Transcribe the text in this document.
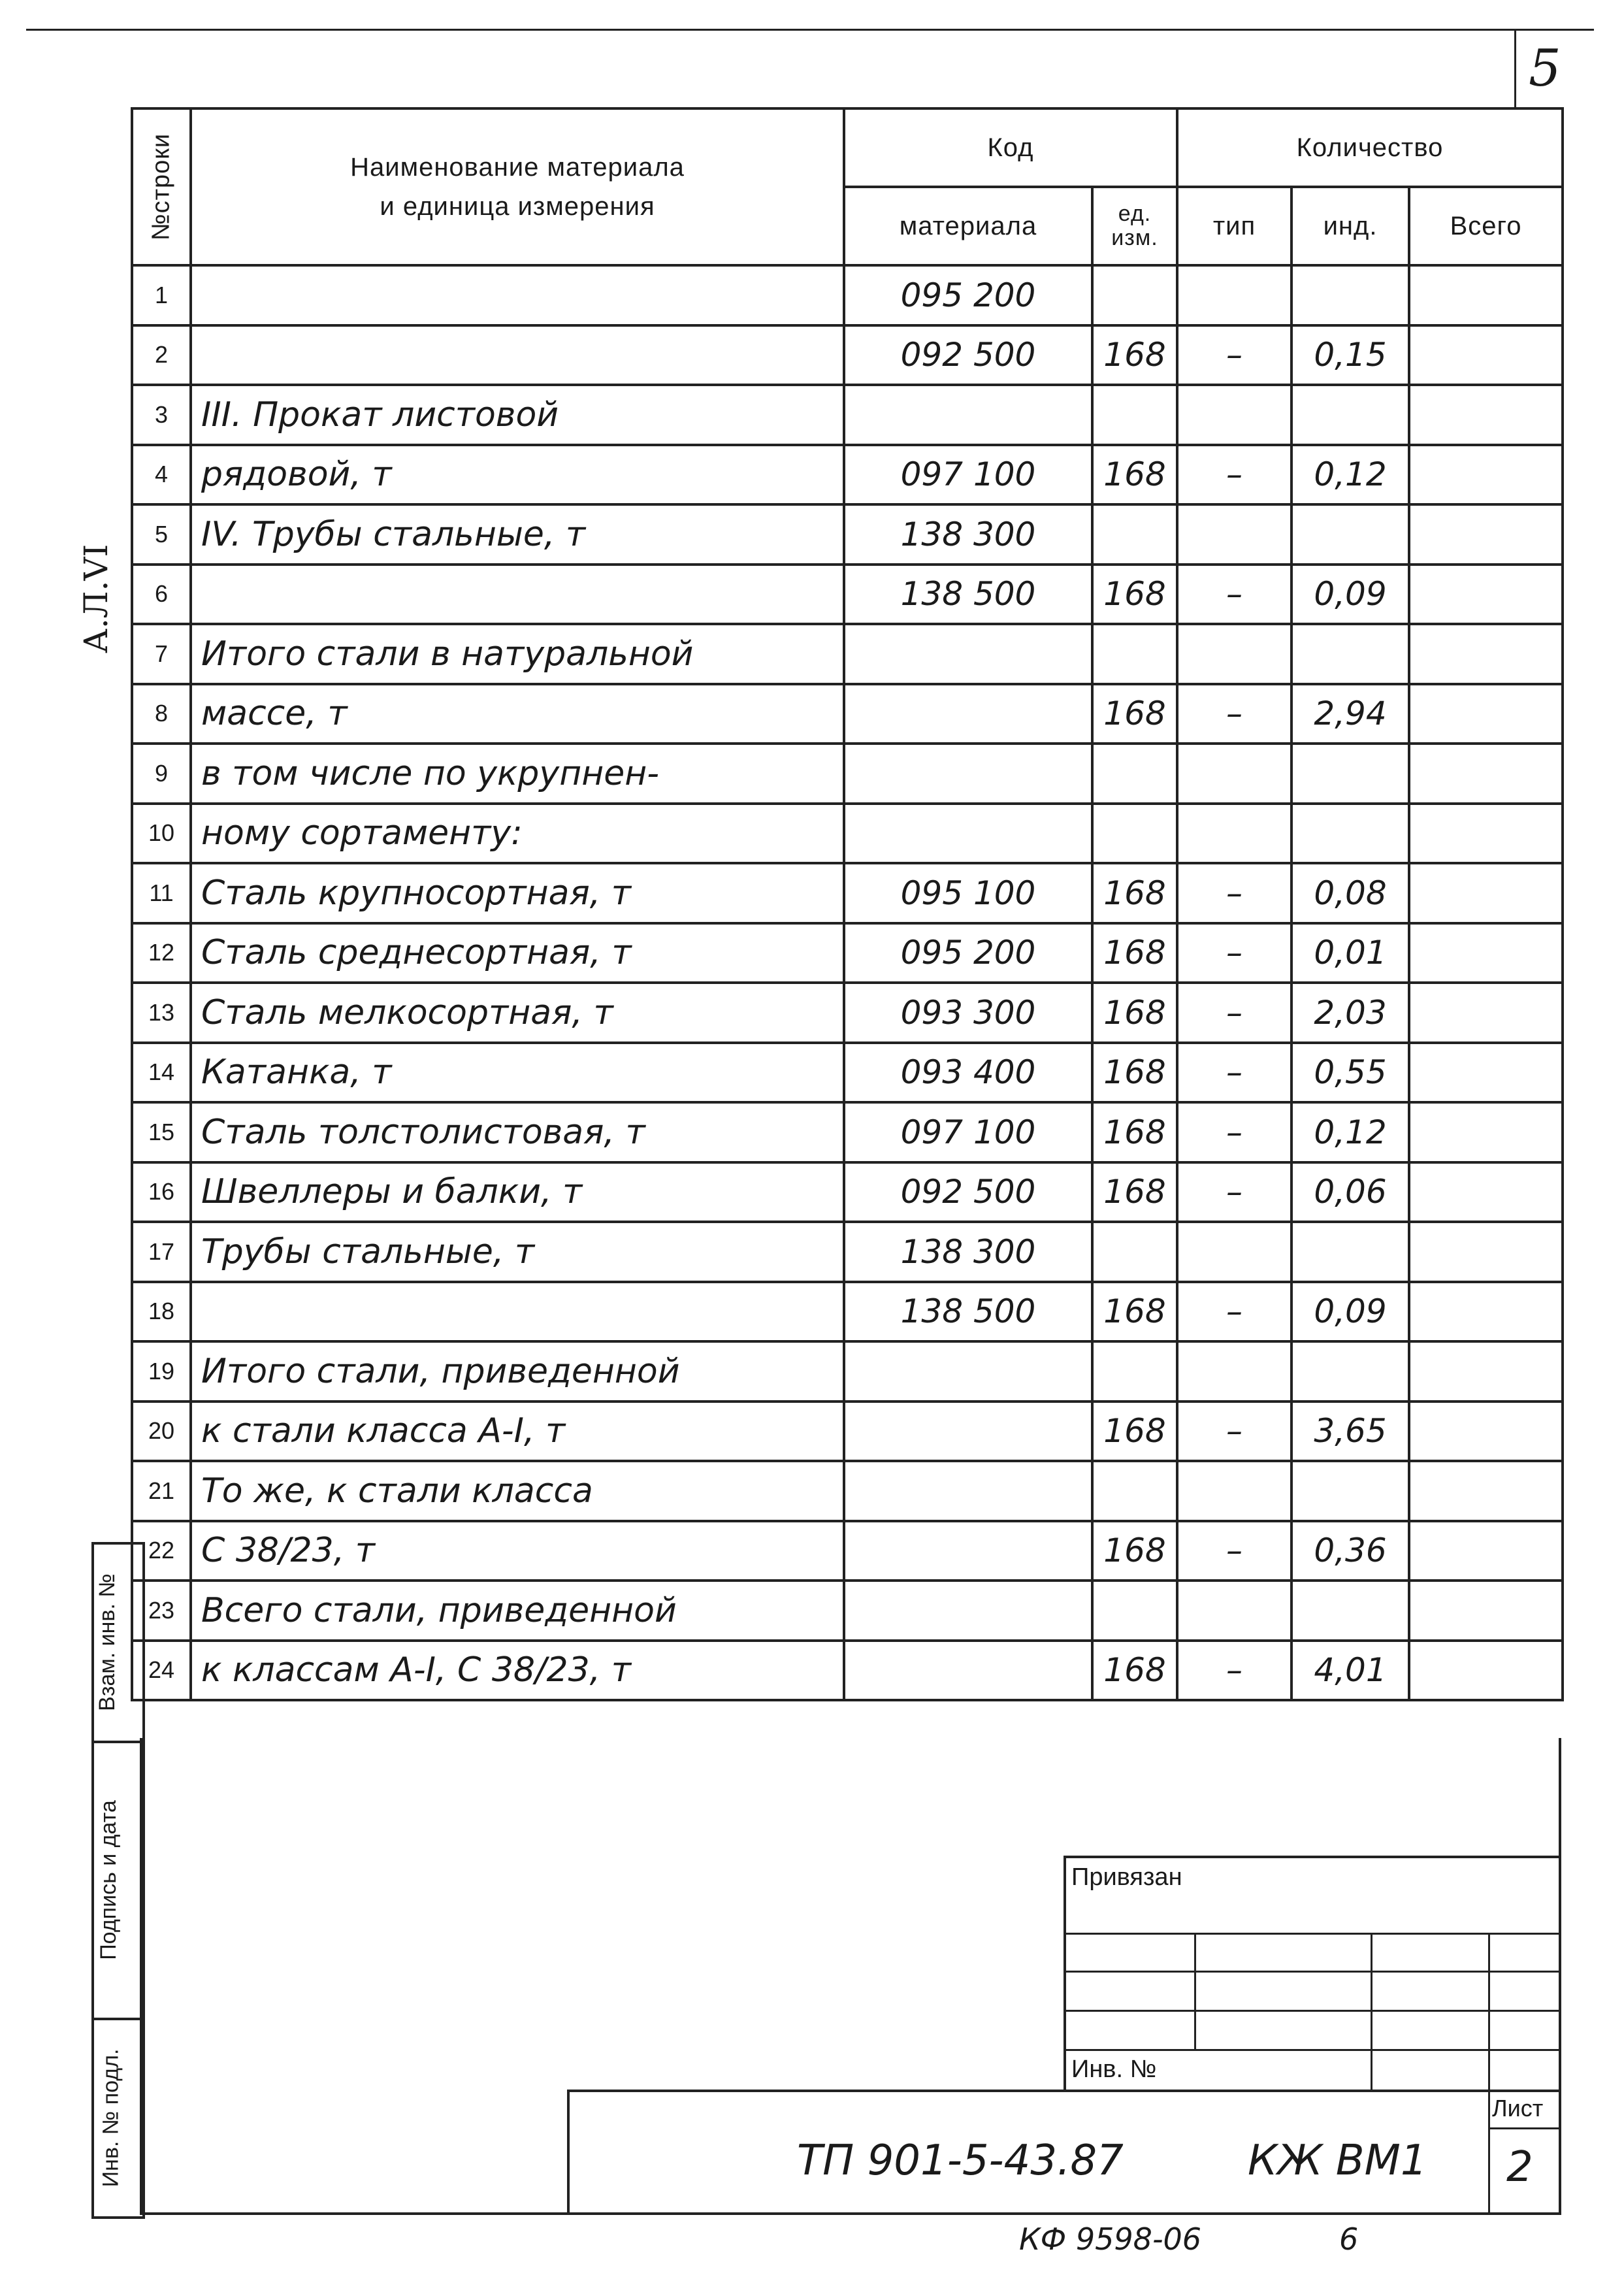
5
А.Л.VI
№строки	Наименование материала
и единица измерения	Код		Количество		
		материала	ед. изм.	тип	инд.	Всего
1		095 200				
2		092 500	168	–	0,15	
3	III. Прокат листовой					
4	рядовой, т	097 100	168	–	0,12	
5	IV. Трубы стальные, т	138 300				
6		138 500	168	–	0,09	
7	Итого стали в натуральной					
8	массе, т		168	–	2,94	
9	в том числе по укрупнен-					
10	ному сортаменту:					
11	Сталь крупносортная, т	095 100	168	–	0,08	
12	Сталь среднесортная, т	095 200	168	–	0,01	
13	Сталь мелкосортная, т	093 300	168	–	2,03	
14	Катанка, т	093 400	168	–	0,55	
15	Сталь толстолистовая, т	097 100	168	–	0,12	
16	Швеллеры и балки, т	092 500	168	–	0,06	
17	Трубы стальные, т	138 300				
18		138 500	168	–	0,09	
19	Итого стали, приведенной					
20	к стали класса А-I, т		168	–	3,65	
21	То же, к стали класса					
22	С 38/23, т		168	–	0,36	
23	Всего стали, приведенной					
24	к классам А-I, С 38/23, т		168	–	4,01	
Взам. инв. №
Подпись и дата
Инв. № подл.
Привязан
Инв. №
ТП 901-5-43.87	КЖ ВМ1
Лист
2
КФ 9598-06	6
